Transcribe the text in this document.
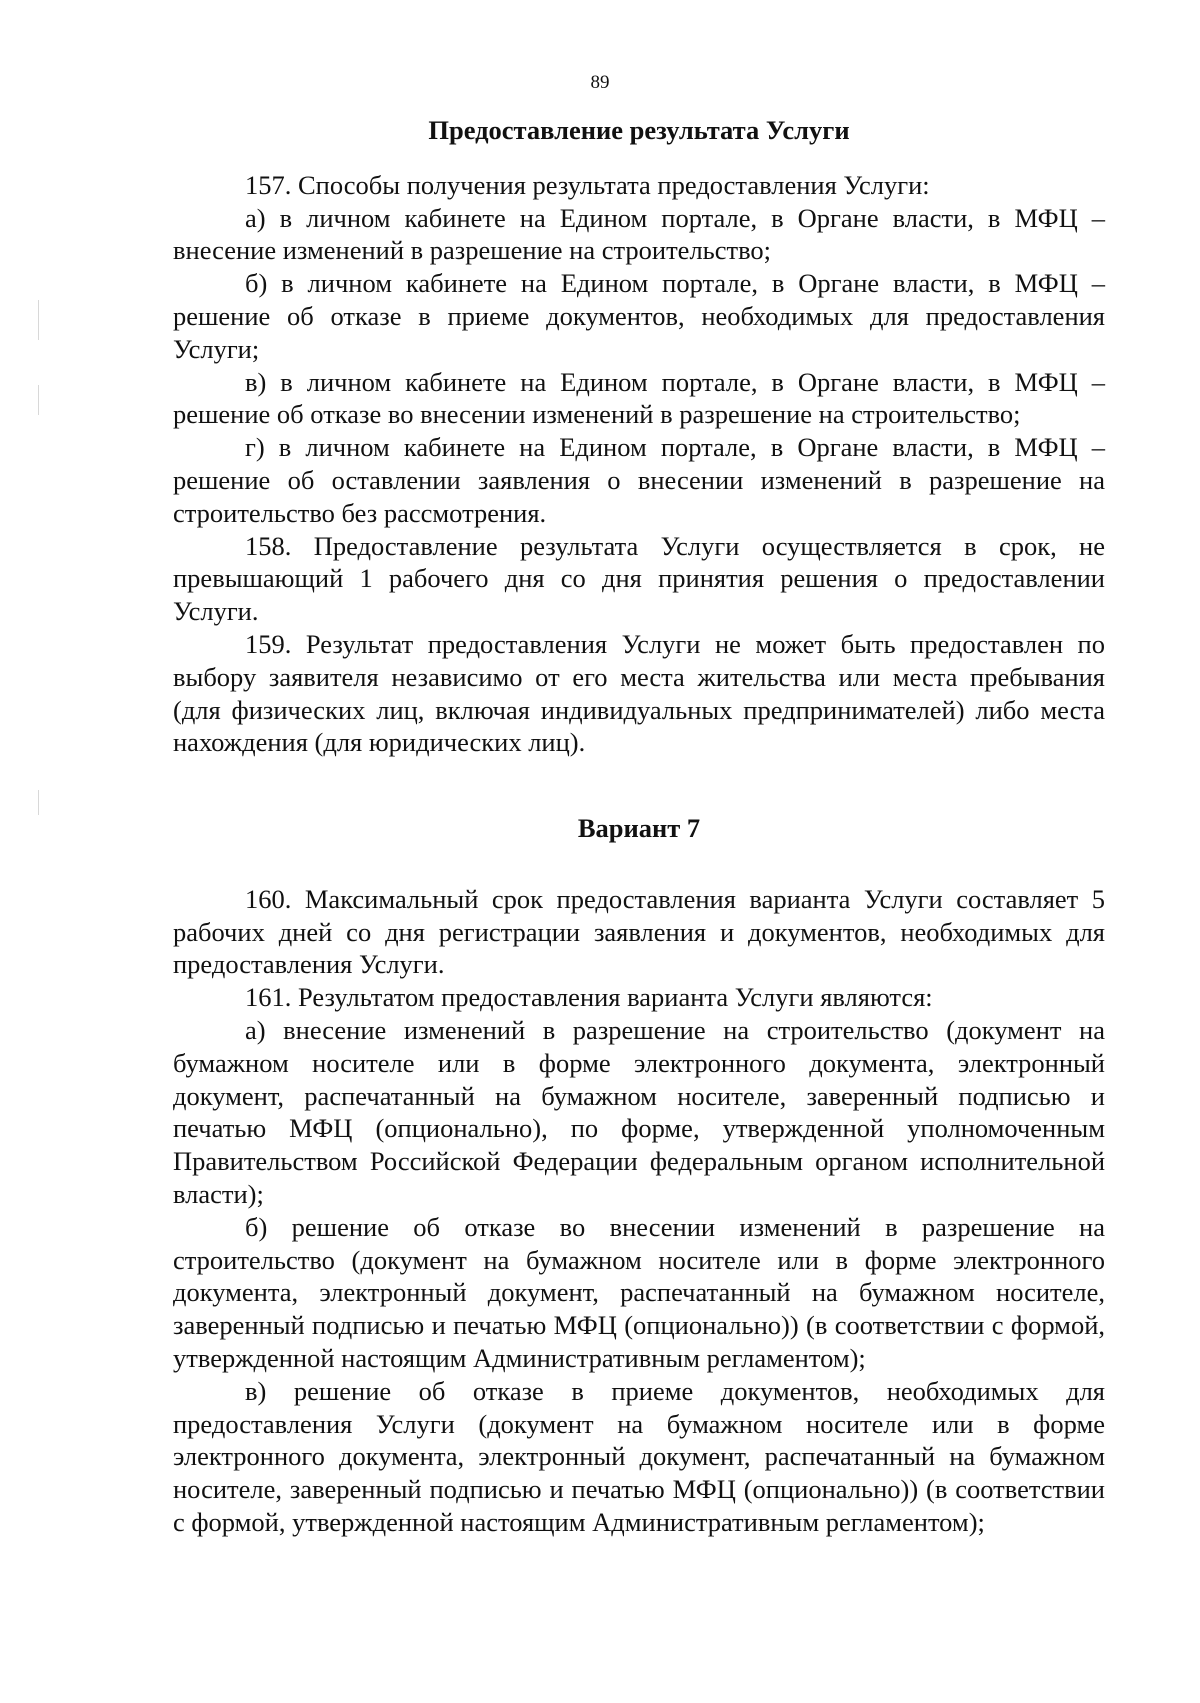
89

Предоставление результата Услуги

157. Способы получения результата предоставления Услуги:

а) в личном кабинете на Едином портале, в Органе власти, в МФЦ – внесение изменений в разрешение на строительство;

б) в личном кабинете на Едином портале, в Органе власти, в МФЦ – решение об отказе в приеме документов, необходимых для предоставления Услуги;

в) в личном кабинете на Едином портале, в Органе власти, в МФЦ – решение об отказе во внесении изменений в разрешение на строительство;

г) в личном кабинете на Едином портале, в Органе власти, в МФЦ – решение об оставлении заявления о внесении изменений в разрешение на строительство без рассмотрения.

158. Предоставление результата Услуги осуществляется в срок, не превышающий 1 рабочего дня со дня принятия решения о предоставлении Услуги.

159. Результат предоставления Услуги не может быть предоставлен по выбору заявителя независимо от его места жительства или места пребывания (для физических лиц, включая индивидуальных предпринимателей) либо места нахождения (для юридических лиц).

Вариант 7

160. Максимальный срок предоставления варианта Услуги составляет 5 рабочих дней со дня регистрации заявления и документов, необходимых для предоставления Услуги.

161. Результатом предоставления варианта Услуги являются:

а) внесение изменений в разрешение на строительство (документ на бумажном носителе или в форме электронного документа, электронный документ, распечатанный на бумажном носителе, заверенный подписью и печатью МФЦ (опционально), по форме, утвержденной уполномоченным Правительством Российской Федерации федеральным органом исполнительной власти);

б) решение об отказе во внесении изменений в разрешение на строительство (документ на бумажном носителе или в форме электронного документа, электронный документ, распечатанный на бумажном носителе, заверенный подписью и печатью МФЦ (опционально)) (в соответствии с формой, утвержденной настоящим Административным регламентом);

в) решение об отказе в приеме документов, необходимых для предоставления Услуги (документ на бумажном носителе или в форме электронного документа, электронный документ, распечатанный на бумажном носителе, заверенный подписью и печатью МФЦ (опционально)) (в соответствии с формой, утвержденной настоящим Административным регламентом);
